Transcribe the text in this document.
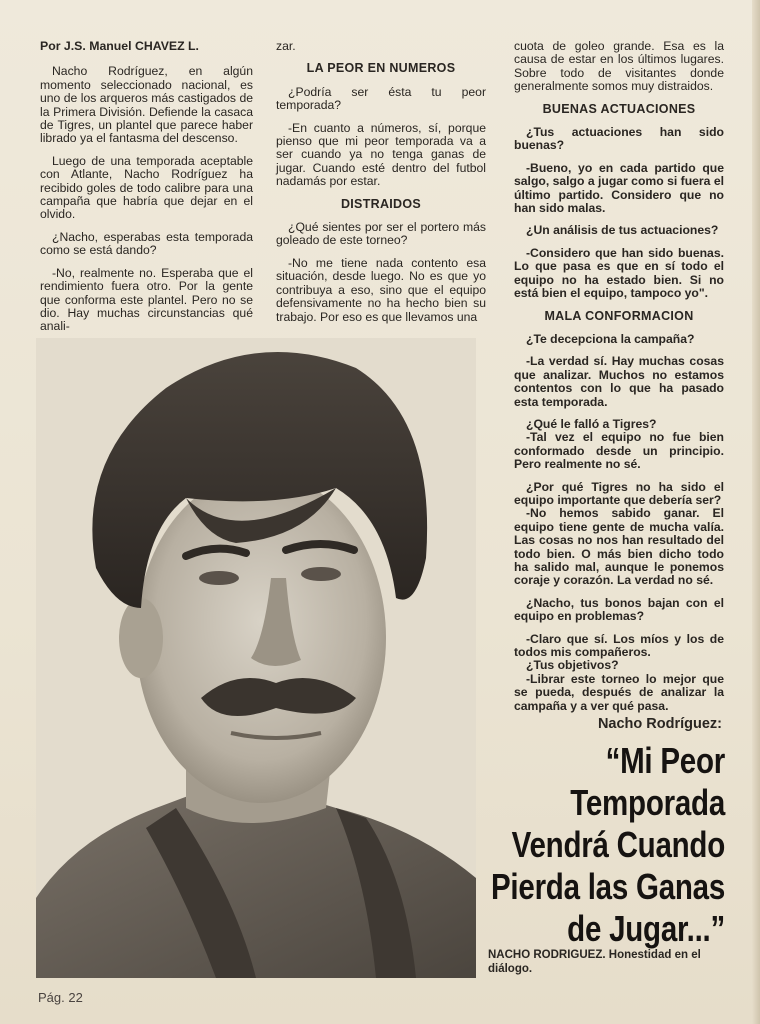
Por J.S. Manuel CHAVEZ L.

Nacho Rodríguez, en algún momento seleccionado nacional, es uno de los arqueros más castigados de la Primera División. Defiende la casaca de Tigres, un plantel que parece haber librado ya el fantasma del descenso.

Luego de una temporada aceptable con Atlante, Nacho Rodríguez ha recibido goles de todo calibre para una campaña que habría que dejar en el olvido.

¿Nacho, esperabas esta temporada como se está dando?

-No, realmente no. Esperaba que el rendimiento fuera otro. Por la gente que conforma este plantel. Pero no se dio. Hay muchas circunstancias qué anali-

zar.

LA PEOR EN NUMEROS

¿Podría ser ésta tu peor temporada?

-En cuanto a números, sí, porque pienso que mi peor temporada va a ser cuando ya no tenga ganas de jugar. Cuando esté dentro del futbol nadamás por estar.

DISTRAIDOS

¿Qué sientes por ser el portero más goleado de este torneo?

-No me tiene nada contento esa situación, desde luego. No es que yo contribuya a eso, sino que el equipo defensivamente no ha hecho bien su trabajo. Por eso es que llevamos una

cuota de goleo grande. Esa es la causa de estar en los últimos lugares. Sobre todo de visitantes donde generalmente somos muy distraidos.

BUENAS ACTUACIONES

¿Tus actuaciones han sido buenas?

-Bueno, yo en cada partido que salgo, salgo a jugar como si fuera el último partido. Considero que no han sido malas.

¿Un análisis de tus actuaciones?

-Considero que han sido buenas. Lo que pasa es que en sí todo el equipo no ha estado bien. Si no está bien el equipo, tampoco yo".

MALA CONFORMACION

¿Te decepciona la campaña?

-La verdad sí. Hay muchas cosas que analizar. Muchos no estamos contentos con lo que ha pasado esta temporada.

¿Qué le falló a Tigres?

-Tal vez el equipo no fue bien conformado desde un principio. Pero realmente no sé.

¿Por qué Tigres no ha sido el equipo importante que debería ser?

-No hemos sabido ganar. El equipo tiene gente de mucha valía. Las cosas no nos han resultado del todo bien. O más bien dicho todo ha salido mal, aunque le ponemos coraje y corazón. La verdad no sé.

¿Nacho, tus bonos bajan con el equipo en problemas?

-Claro que sí. Los míos y los de todos mis compañeros.

¿Tus objetivos?

-Librar este torneo lo mejor que se pueda, después de analizar la campaña y a ver qué pasa.

Nacho Rodríguez:
“Mi Peor Temporada
Vendrá Cuando
Pierda las Ganas
de Jugar...”
NACHO RODRIGUEZ. Honestidad en el diálogo.
Pág. 22
